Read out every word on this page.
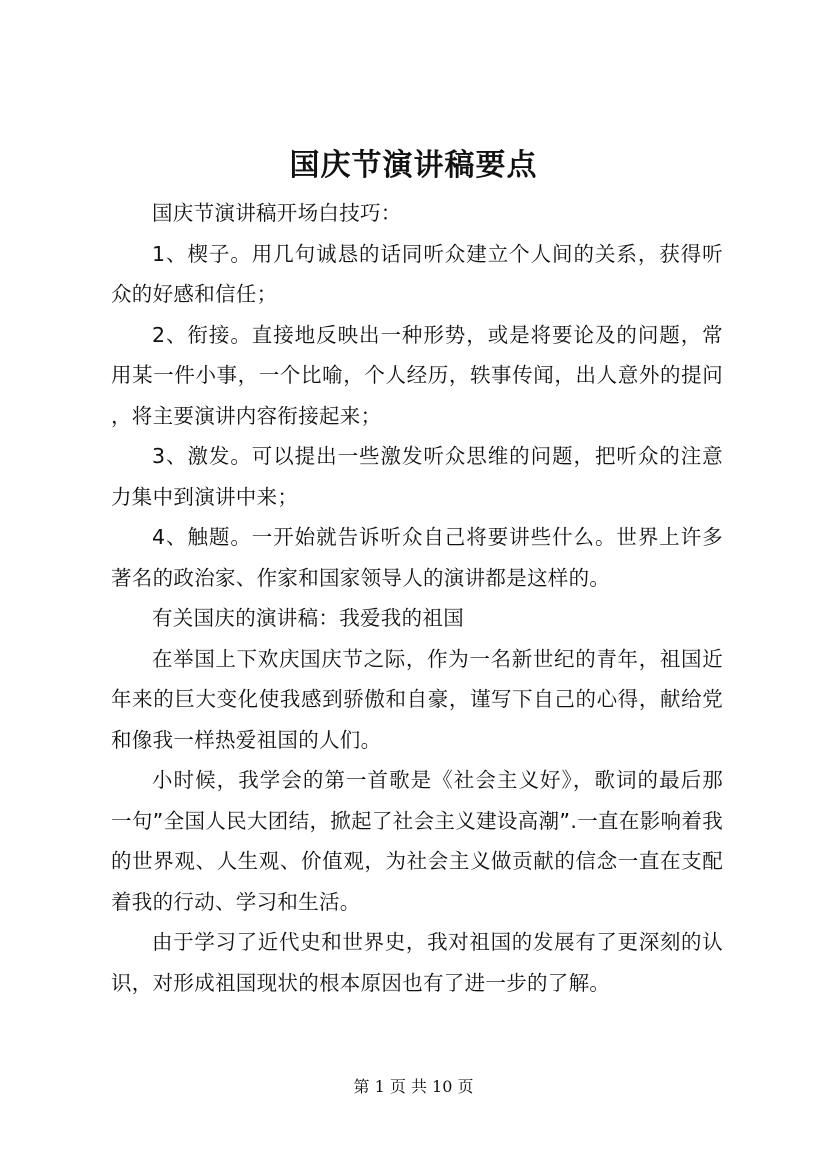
国庆节演讲稿要点

国庆节演讲稿开场白技巧：

1、楔子。用几句诚恳的话同听众建立个人间的关系，获得听众的好感和信任；

2、衔接。直接地反映出一种形势，或是将要论及的问题，常用某一件小事，一个比喻，个人经历，轶事传闻，出人意外的提问，将主要演讲内容衔接起来；

3、激发。可以提出一些激发听众思维的问题，把听众的注意力集中到演讲中来；

4、触题。一开始就告诉听众自己将要讲些什么。世界上许多著名的政治家、作家和国家领导人的演讲都是这样的。

有关国庆的演讲稿：我爱我的祖国

在举国上下欢庆国庆节之际，作为一名新世纪的青年，祖国近年来的巨大变化使我感到骄傲和自豪，谨写下自己的心得，献给党和像我一样热爱祖国的人们。

小时候，我学会的第一首歌是《社会主义好》，歌词的最后那一句”全国人民大团结，掀起了社会主义建设高潮”.一直在影响着我的世界观、人生观、价值观，为社会主义做贡献的信念一直在支配着我的行动、学习和生活。

由于学习了近代史和世界史，我对祖国的发展有了更深刻的认识，对形成祖国现状的根本原因也有了进一步的了解。

第 1 页 共 10 页
